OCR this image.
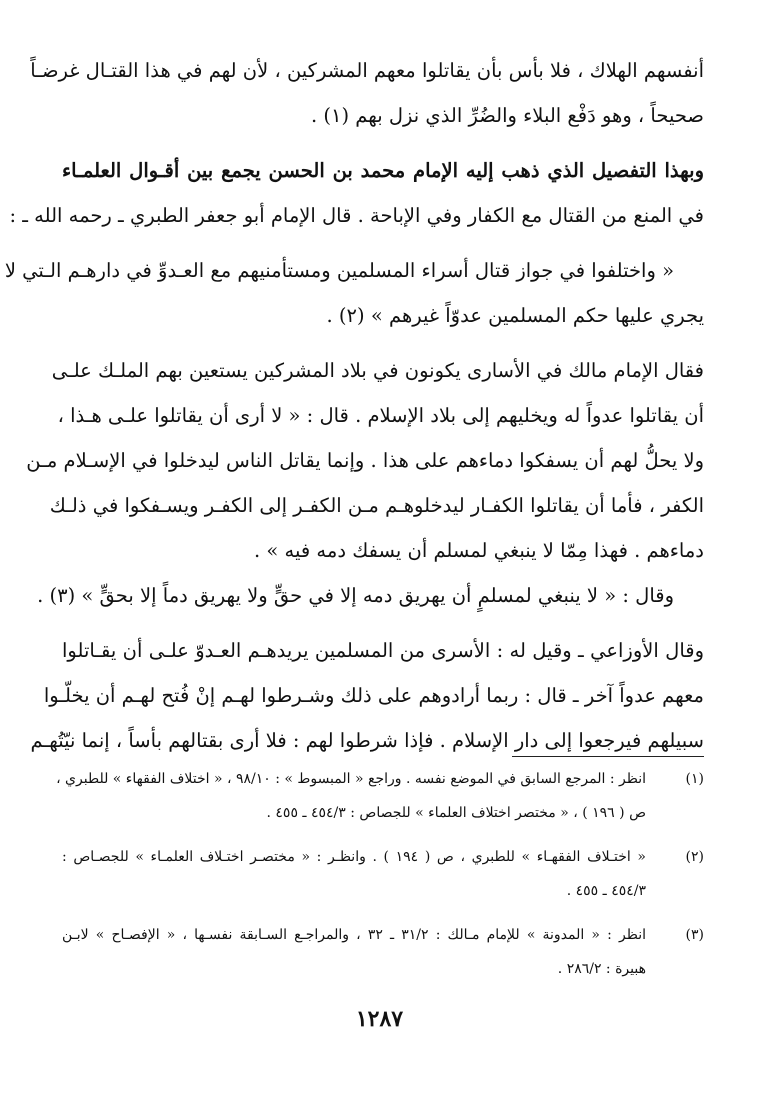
أنفسهم الهلاك ، فلا بأس بأن يقاتلوا معهم المشركين ، لأن لهم في هذا القتـال غرضـاً
صحيحاً ، وهو دَفْع البلاء والضُرِّ الذي نزل بهم (١) .
وبهذا التفصيل الذي ذهب إليه الإمام محمد بن الحسن يجمع بين أقـوال العلمـاء
في المنع من القتال مع الكفار وفي الإباحة . قال الإمام أبو جعفر الطبري ـ رحمه الله ـ :
« واختلفوا في جواز قتال أسراء المسلمين ومستأمنيهم مع العـدوِّ في دارهـم الـتي لا
يجري عليها حكم المسلمين عدوّاً غيرهم » (٢) .
فقال الإمام مالك في الأسارى يكونون في بلاد المشركين يستعين بهم الملـك علـى
أن يقاتلوا عدواً له ويخليهم إلى بلاد الإسلام . قال : « لا أرى أن يقاتلوا علـى هـذا ،
ولا يحلُّ لهم أن يسفكوا دماءهم على هذا . وإنما يقاتل الناس ليدخلوا في الإسـلام مـن
الكفر ، فأما أن يقاتلوا الكفـار ليدخلوهـم مـن الكفـر إلى الكفـر ويسـفكوا في ذلـك
دماءهم . فهذا مِمّا لا ينبغي لمسلم أن يسفك دمه فيه » .
وقال : « لا ينبغي لمسلمٍ أن يهريق دمه إلا في حقٍّ ولا يهريق دماً إلا بحقٍّ » (٣) .
وقال الأوزاعي ـ وقيل له : الأسرى من المسلمين يريدهـم العـدوّ علـى أن يقـاتلوا
معهم عدواً آخر ـ قال : ربما أرادوهم على ذلك وشـرطوا لهـم إنْ فُتح لهـم أن يخلّـوا
سبيلهم فيرجعوا إلى دار الإسلام . فإذا شرطوا لهم : فلا أرى بقتالهم بأساً ، إنما نيّتُهـم
(١)
انظر : المرجع السابق في الموضع نفسه . وراجع « المبسوط » : ٩٨/١٠ ، « اختلاف الفقهاء » للطبري ،
ص ( ١٩٦ ) ، « مختصر اختلاف العلماء » للجصاص : ٤٥٤/٣ ـ ٤٥٥ .
(٢)
« اختـلاف الفقهـاء » للطبري ، ص ( ١٩٤ ) . وانظـر : « مختصـر اختـلاف العلمـاء » للجصـاص :
٤٥٤/٣ ـ ٤٥٥ .
(٣)
انظر : « المدونة » للإمام مـالك : ٣١/٢ ـ ٣٢ ، والمراجـع السـابقة نفسـها ، « الإفصـاح » لابـن
هبيرة : ٢٨٦/٢ .
١٢٨٧
